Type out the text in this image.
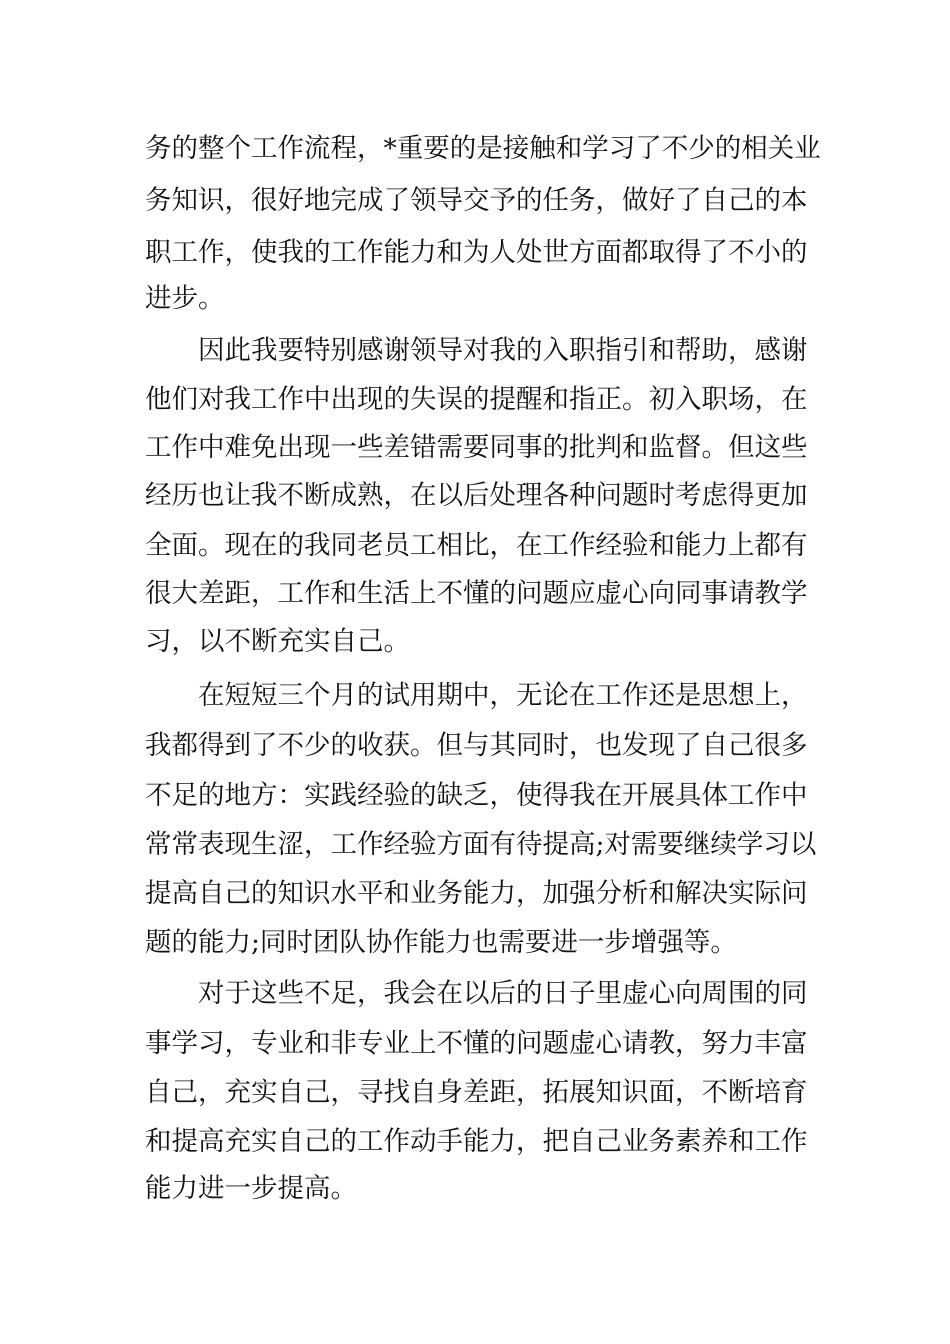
务的整个工作流程，*重要的是接触和学习了不少的相关业
务知识，很好地完成了领导交予的任务，做好了自己的本
职工作，使我的工作能力和为人处世方面都取得了不小的
进步。
因此我要特别感谢领导对我的入职指引和帮助，感谢
他们对我工作中出现的失误的提醒和指正。初入职场，在
工作中难免出现一些差错需要同事的批判和监督。但这些
经历也让我不断成熟，在以后处理各种问题时考虑得更加
全面。现在的我同老员工相比，在工作经验和能力上都有
很大差距，工作和生活上不懂的问题应虚心向同事请教学
习，以不断充实自己。
在短短三个月的试用期中，无论在工作还是思想上，
我都得到了不少的收获。但与其同时，也发现了自己很多
不足的地方：实践经验的缺乏，使得我在开展具体工作中
常常表现生涩，工作经验方面有待提高;对需要继续学习以
提高自己的知识水平和业务能力，加强分析和解决实际问
题的能力;同时团队协作能力也需要进一步增强等。
对于这些不足，我会在以后的日子里虚心向周围的同
事学习，专业和非专业上不懂的问题虚心请教，努力丰富
自己，充实自己，寻找自身差距，拓展知识面，不断培育
和提高充实自己的工作动手能力，把自己业务素养和工作
能力进一步提高。
